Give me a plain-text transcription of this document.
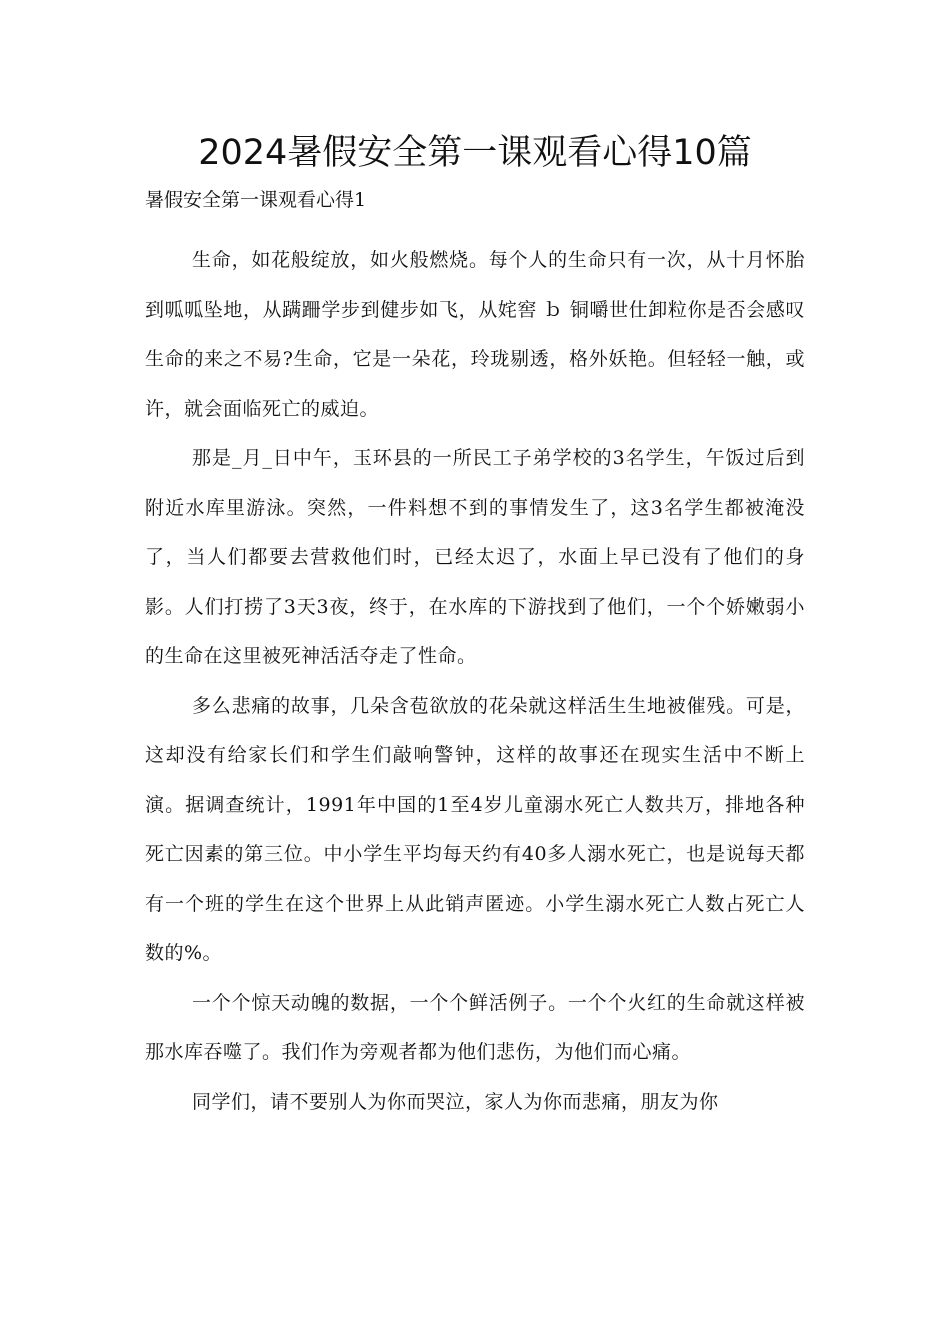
2024暑假安全第一课观看心得10篇

暑假安全第一课观看心得1

生命，如花般绽放，如火般燃烧。每个人的生命只有一次，从十月怀胎到呱呱坠地，从蹒跚学步到健步如飞，从姹窖 ｂ 铜嚼世仕卸粒你是否会感叹生命的来之不易?生命，它是一朵花，玲珑剔透，格外妖艳。但轻轻一触，或许，就会面临死亡的威迫。

那是_月_日中午，玉环县的一所民工子弟学校的3名学生，午饭过后到附近水库里游泳。突然，一件料想不到的事情发生了，这3名学生都被淹没了，当人们都要去营救他们时，已经太迟了，水面上早已没有了他们的身影。人们打捞了3天3夜，终于，在水库的下游找到了他们，一个个娇嫩弱小的生命在这里被死神活活夺走了性命。

多么悲痛的故事，几朵含苞欲放的花朵就这样活生生地被催残。可是，这却没有给家长们和学生们敲响警钟，这样的故事还在现实生活中不断上演。据调查统计，1991年中国的1至4岁儿童溺水死亡人数共万，排地各种死亡因素的第三位。中小学生平均每天约有40多人溺水死亡，也是说每天都有一个班的学生在这个世界上从此销声匿迹。小学生溺水死亡人数占死亡人数的%。

一个个惊天动魄的数据，一个个鲜活例子。一个个火红的生命就这样被那水库吞噬了。我们作为旁观者都为他们悲伤，为他们而心痛。

同学们，请不要别人为你而哭泣，家人为你而悲痛，朋友为你
